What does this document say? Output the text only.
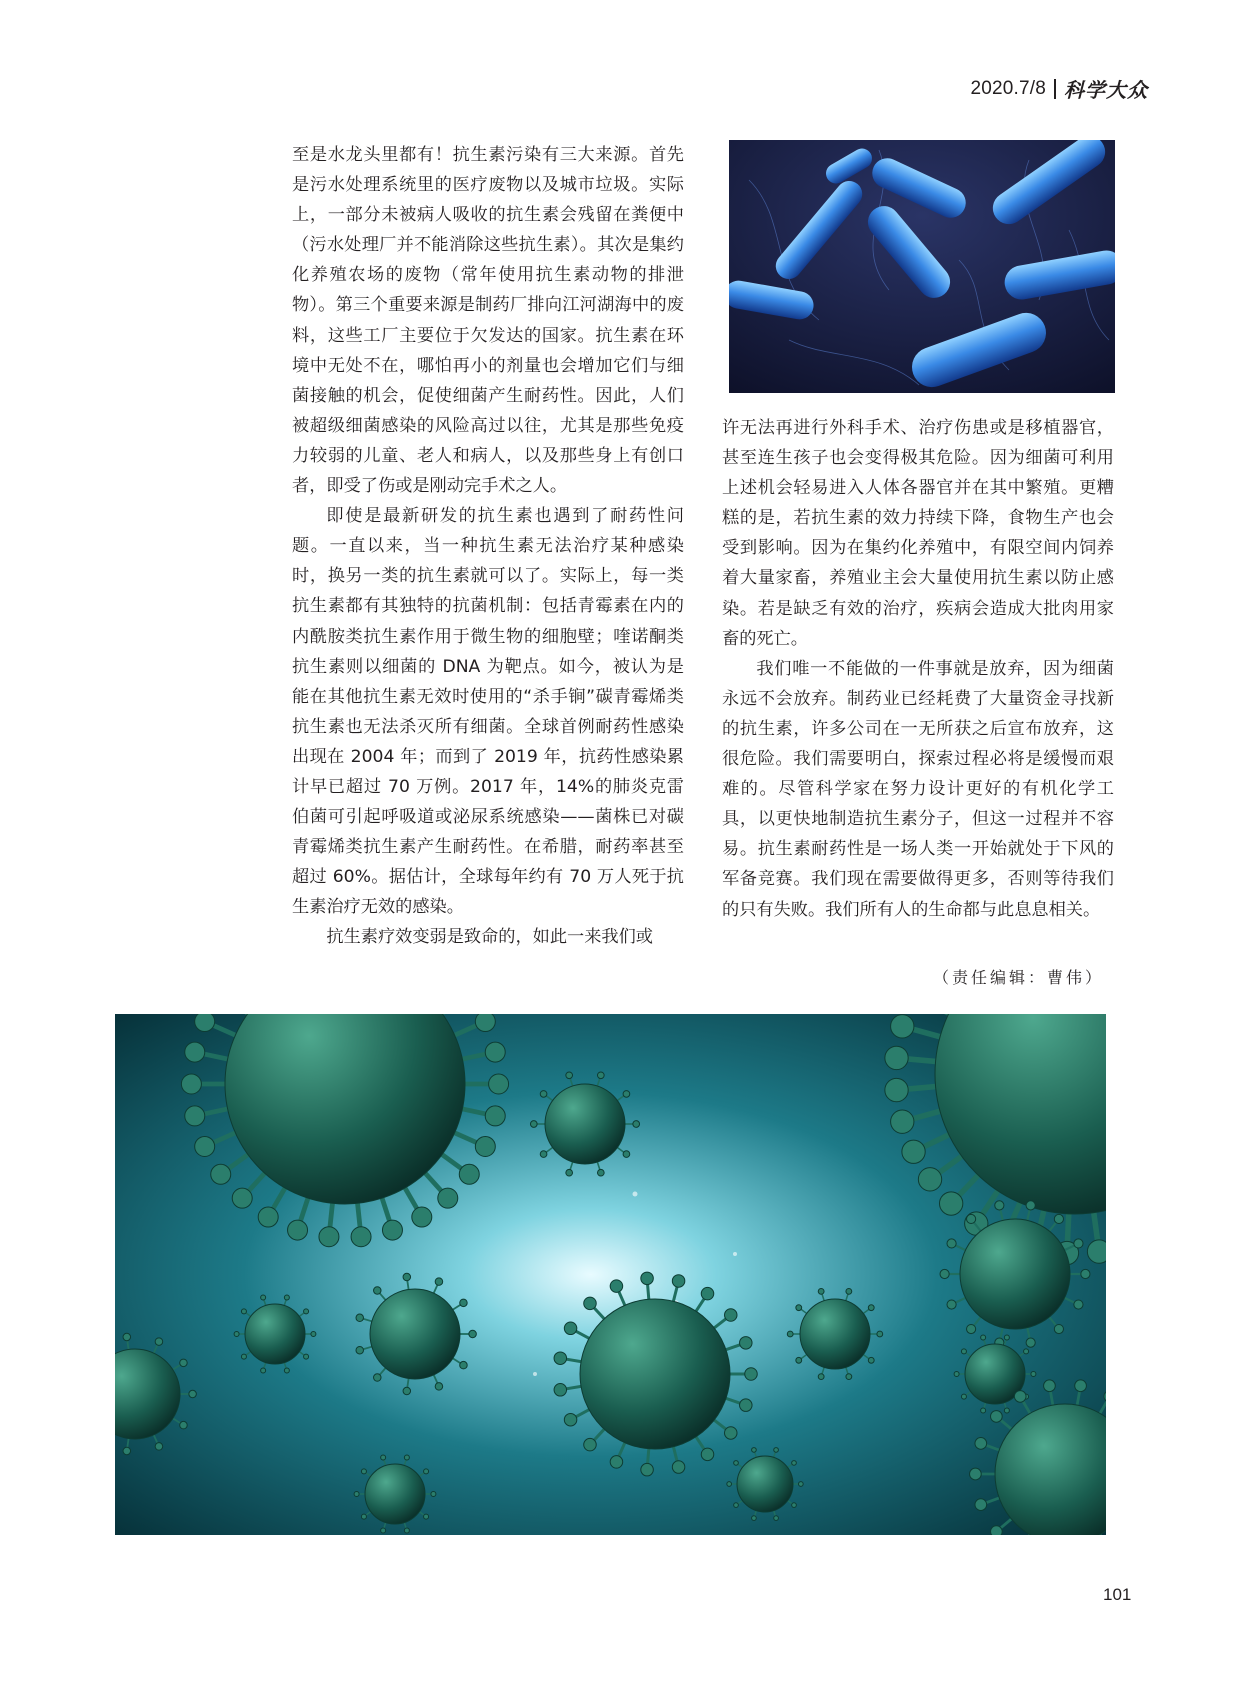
2020.7/8 科学大众

至是水龙头里都有！抗生素污染有三大来源。首先是污水处理系统里的医疗废物以及城市垃圾。实际上，一部分未被病人吸收的抗生素会残留在粪便中（污水处理厂并不能消除这些抗生素）。其次是集约化养殖农场的废物（常年使用抗生素动物的排泄物）。第三个重要来源是制药厂排向江河湖海中的废料，这些工厂主要位于欠发达的国家。抗生素在环境中无处不在，哪怕再小的剂量也会增加它们与细菌接触的机会，促使细菌产生耐药性。因此，人们被超级细菌感染的风险高过以往，尤其是那些免疫力较弱的儿童、老人和病人，以及那些身上有创口者，即受了伤或是刚动完手术之人。

即使是最新研发的抗生素也遇到了耐药性问题。一直以来，当一种抗生素无法治疗某种感染时，换另一类的抗生素就可以了。实际上，每一类抗生素都有其独特的抗菌机制：包括青霉素在内的内酰胺类抗生素作用于微生物的细胞壁；喹诺酮类抗生素则以细菌的 DNA 为靶点。如今，被认为是能在其他抗生素无效时使用的“杀手锏”碳青霉烯类抗生素也无法杀灭所有细菌。全球首例耐药性感染出现在 2004 年；而到了 2019 年，抗药性感染累计早已超过 70 万例。2017 年，14%的肺炎克雷伯菌可引起呼吸道或泌尿系统感染——菌株已对碳青霉烯类抗生素产生耐药性。在希腊，耐药率甚至超过 60%。据估计，全球每年约有 70 万人死于抗生素治疗无效的感染。

抗生素疗效变弱是致命的，如此一来我们或

许无法再进行外科手术、治疗伤患或是移植器官，甚至连生孩子也会变得极其危险。因为细菌可利用上述机会轻易进入人体各器官并在其中繁殖。更糟糕的是，若抗生素的效力持续下降，食物生产也会受到影响。因为在集约化养殖中，有限空间内饲养着大量家畜，养殖业主会大量使用抗生素以防止感染。若是缺乏有效的治疗，疾病会造成大批肉用家畜的死亡。

我们唯一不能做的一件事就是放弃，因为细菌永远不会放弃。制药业已经耗费了大量资金寻找新的抗生素，许多公司在一无所获之后宣布放弃，这很危险。我们需要明白，探索过程必将是缓慢而艰难的。尽管科学家在努力设计更好的有机化学工具，以更快地制造抗生素分子，但这一过程并不容易。抗生素耐药性是一场人类一开始就处于下风的军备竞赛。我们现在需要做得更多，否则等待我们的只有失败。我们所有人的生命都与此息息相关。

（责任编辑：曹伟）
101
